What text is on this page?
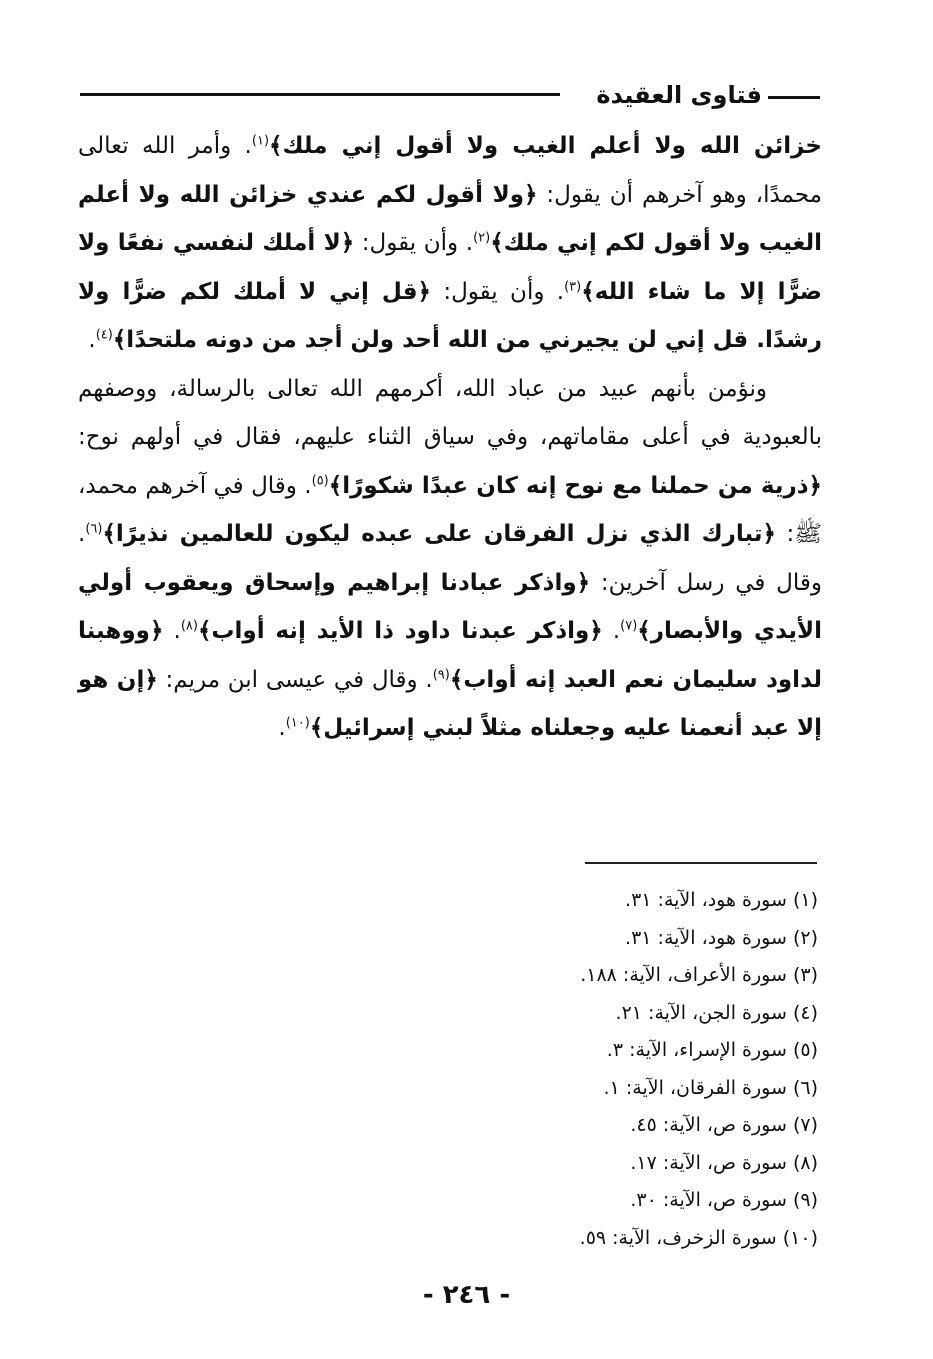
فتاوى العقيدة

خزائن الله ولا أعلم الغيب ولا أقول إني ملك﴾$^{(١)}$. وأمر الله تعالى محمدًا، وهو آخرهم أن يقول: ﴿ولا أقول لكم عندي خزائن الله ولا أعلم الغيب ولا أقول لكم إني ملك﴾$^{(٢)}$. وأن يقول: ﴿لا أملك لنفسي نفعًا ولا ضرًّا إلا ما شاء الله﴾$^{(٣)}$. وأن يقول: ﴿قل إني لا أملك لكم ضرًّا ولا رشدًا. قل إني لن يجيرني من الله أحد ولن أجد من دونه ملتحدًا﴾$^{(٤)}$.

ونؤمن بأنهم عبيد من عباد الله، أكرمهم الله تعالى بالرسالة، ووصفهم بالعبودية في أعلى مقاماتهم، وفي سياق الثناء عليهم، فقال في أولهم نوح: ﴿ذرية من حملنا مع نوح إنه كان عبدًا شكورًا﴾$^{(٥)}$. وقال في آخرهم محمد، ﷺ: ﴿تبارك الذي نزل الفرقان على عبده ليكون للعالمين نذيرًا﴾$^{(٦)}$. وقال في رسل آخرين: ﴿واذكر عبادنا إبراهيم وإسحاق ويعقوب أولي الأيدي والأبصار﴾$^{(٧)}$. ﴿واذكر عبدنا داود ذا الأيد إنه أواب﴾$^{(٨)}$. ﴿ووهبنا لداود سليمان نعم العبد إنه أواب﴾$^{(٩)}$. وقال في عيسى ابن مريم: ﴿إن هو إلا عبد أنعمنا عليه وجعلناه مثلاً لبني إسرائيل﴾$^{(١٠)}$.

(١) سورة هود، الآية: ٣١.
(٢) سورة هود، الآية: ٣١.
(٣) سورة الأعراف، الآية: ١٨٨.
(٤) سورة الجن، الآية: ٢١.
(٥) سورة الإسراء، الآية: ٣.
(٦) سورة الفرقان، الآية: ١.
(٧) سورة ص، الآية: ٤٥.
(٨) سورة ص، الآية: ١٧.
(٩) سورة ص، الآية: ٣٠.
(١٠) سورة الزخرف، الآية: ٥٩.
- ٢٤٦ -
